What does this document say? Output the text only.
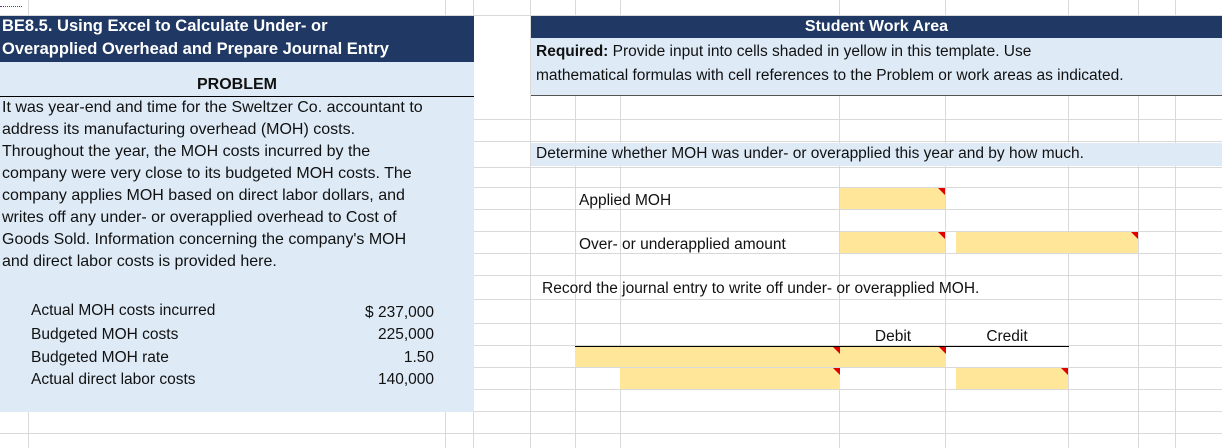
BE8.5. Using Excel to Calculate Under- or
Overapplied Overhead and Prepare Journal Entry
PROBLEM
It was year-end and time for the Sweltzer Co. accountant to
address its manufacturing overhead (MOH) costs.
Throughout the year, the MOH costs incurred by the
company were very close to its budgeted MOH costs. The
company applies MOH based on direct labor dollars, and
writes off any under- or overapplied overhead to Cost of
Goods Sold. Information concerning the company's MOH
and direct labor costs is provided here.
Actual MOH costs incurred	$ 237,000
Budgeted MOH costs	225,000
Budgeted MOH rate	1.50
Actual direct labor costs	140,000
Student Work Area
Required: Provide input into cells shaded in yellow in this template. Use
mathematical formulas with cell references to the Problem or work areas as indicated.
Determine whether MOH was under- or overapplied this year and by how much.
Applied MOH
Over- or underapplied amount
Record the journal entry to write off under- or overapplied MOH.
Debit	Credit
